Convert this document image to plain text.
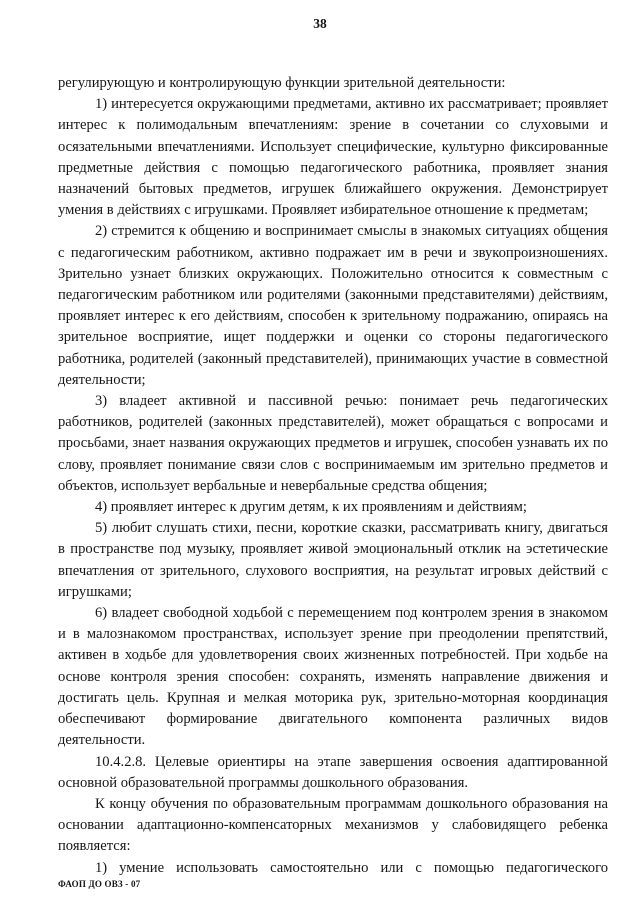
38

регулирующую и контролирующую функции зрительной деятельности:

1) интересуется окружающими предметами, активно их рассматривает; проявляет интерес к полимодальным впечатлениям: зрение в сочетании со слуховыми и осязательными впечатлениями. Использует специфические, культурно фиксированные предметные действия с помощью педагогического работника, проявляет знания назначений бытовых предметов, игрушек ближайшего окружения. Демонстрирует умения в действиях с игрушками. Проявляет избирательное отношение к предметам;

2) стремится к общению и воспринимает смыслы в знакомых ситуациях общения с педагогическим работником, активно подражает им в речи и звукопроизношениях. Зрительно узнает близких окружающих. Положительно относится к совместным с педагогическим работником или родителями (законными представителями) действиям, проявляет интерес к его действиям, способен к зрительному подражанию, опираясь на зрительное восприятие, ищет поддержки и оценки со стороны педагогического работника, родителей (законный представителей), принимающих участие в совместной деятельности;

3) владеет активной и пассивной речью: понимает речь педагогических работников, родителей (законных представителей), может обращаться с вопросами и просьбами, знает названия окружающих предметов и игрушек, способен узнавать их по слову, проявляет понимание связи слов с воспринимаемым им зрительно предметов и объектов, использует вербальные и невербальные средства общения;

4) проявляет интерес к другим детям, к их проявлениям и действиям;

5) любит слушать стихи, песни, короткие сказки, рассматривать книгу, двигаться в пространстве под музыку, проявляет живой эмоциональный отклик на эстетические впечатления от зрительного, слухового восприятия, на результат игровых действий с игрушками;

6) владеет свободной ходьбой с перемещением под контролем зрения в знакомом и в малознакомом пространствах, использует зрение при преодолении препятствий, активен в ходьбе для удовлетворения своих жизненных потребностей. При ходьбе на основе контроля зрения способен: сохранять, изменять направление движения и достигать цель. Крупная и мелкая моторика рук, зрительно-моторная координация обеспечивают формирование двигательного компонента различных видов деятельности.

10.4.2.8. Целевые ориентиры на этапе завершения освоения адаптированной основной образовательной программы дошкольного образования.

К концу обучения по образовательным программам дошкольного образования на основании адаптационно-компенсаторных механизмов у слабовидящего ребенка появляется:

1) умение использовать самостоятельно или с помощью педагогического

ФАОП ДО ОВЗ - 07
